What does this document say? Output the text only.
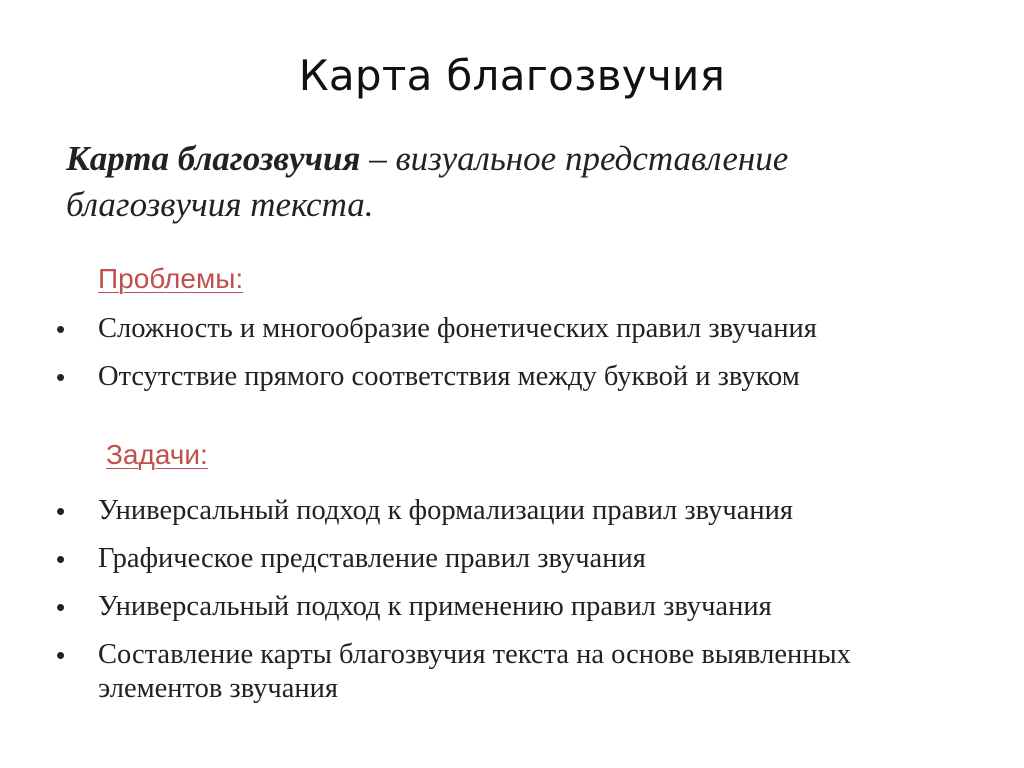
Карта благозвучия
Карта благозвучия – визуальное представление благозвучия текста.
Проблемы:
• Сложность и многообразие фонетических правил звучания
• Отсутствие прямого соответствия между буквой и звуком
Задачи:
• Универсальный подход к формализации правил звучания
• Графическое представление правил звучания
• Универсальный подход к применению правил звучания
• Составление карты благозвучия текста на основе выявленных элементов звучания
